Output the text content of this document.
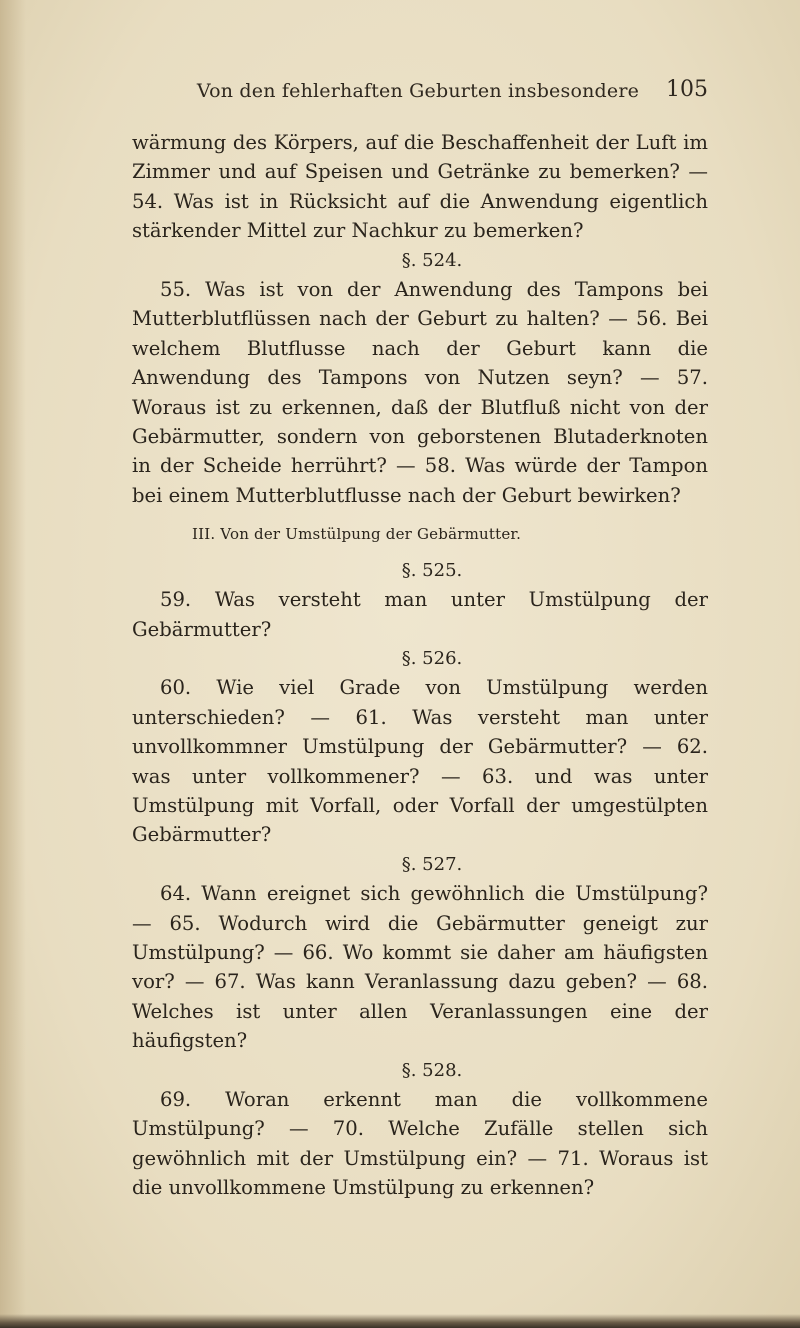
Von den fehlerhaften Geburten insbesondere	105

wärmung des Körpers, auf die Beschaffenheit der Luft im Zimmer und auf Speisen und Getränke zu bemerken? — 54. Was ist in Rücksicht auf die Anwendung eigentlich stärkender Mittel zur Nachkur zu bemerken?

§. 524.

55. Was ist von der Anwendung des Tampons bei Mutterblutflüssen nach der Geburt zu halten? — 56. Bei welchem Blutflusse nach der Geburt kann die Anwendung des Tampons von Nutzen seyn? — 57. Woraus ist zu erkennen, daß der Blutfluß nicht von der Gebärmutter, sondern von geborstenen Blutaderknoten in der Scheide herrührt? — 58. Was würde der Tampon bei einem Mutterblutflusse nach der Geburt bewirken?

III. Von der Umstülpung der Gebärmutter.
§. 525.

59. Was versteht man unter Umstülpung der Gebärmutter?

§. 526.

60. Wie viel Grade von Umstülpung werden unterschieden? — 61. Was versteht man unter unvollkommner Umstülpung der Gebärmutter? — 62. was unter vollkommener? — 63. und was unter Umstülpung mit Vorfall, oder Vorfall der umgestülpten Gebärmutter?

§. 527.

64. Wann ereignet sich gewöhnlich die Umstülpung? — 65. Wodurch wird die Gebärmutter geneigt zur Umstülpung? — 66. Wo kommt sie daher am häufigsten vor? — 67. Was kann Veranlassung dazu geben? — 68. Welches ist unter allen Veranlassungen eine der häufigsten?

§. 528.

69. Woran erkennt man die vollkommene Umstülpung? — 70. Welche Zufälle stellen sich gewöhnlich mit der Umstülpung ein? — 71. Woraus ist die unvollkommene Umstülpung zu erkennen?
